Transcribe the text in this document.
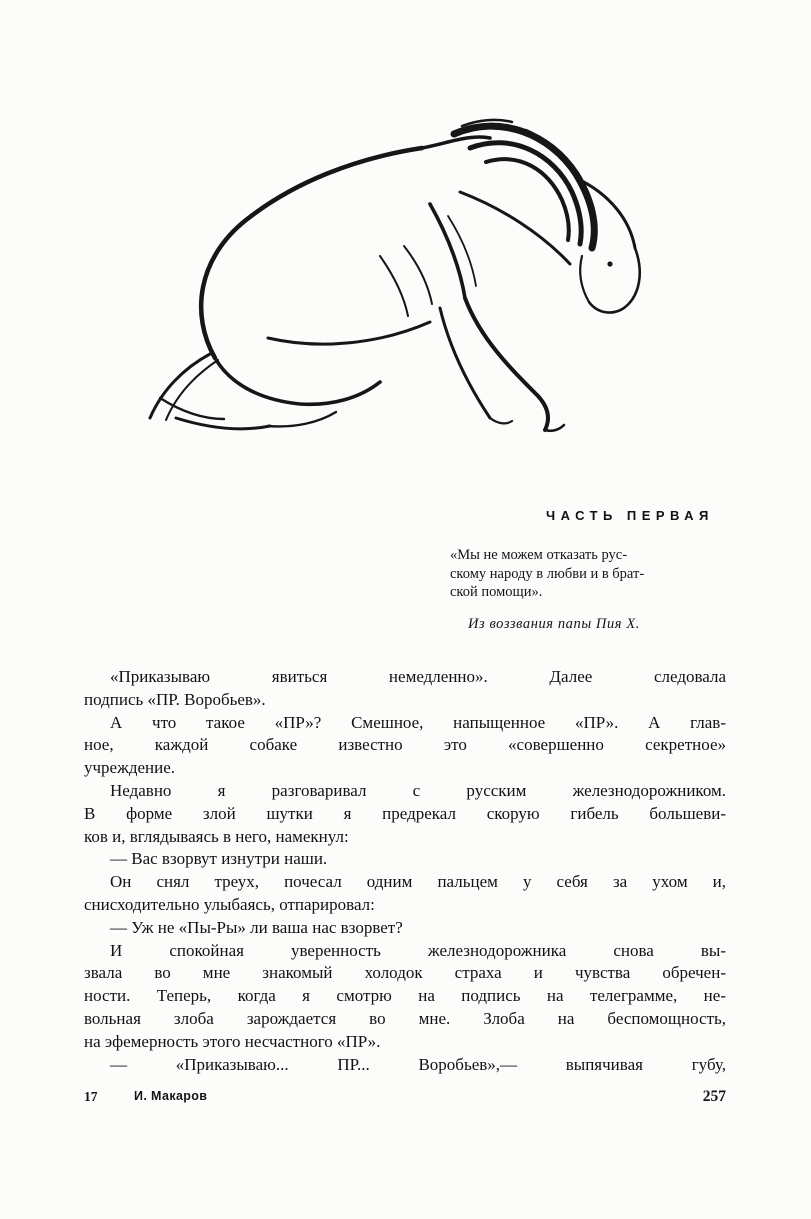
ЧАСТЬ ПЕРВАЯ
«Мы не можем отказать рус-
скому народу в любви и в брат-
ской помощи».
Из воззвания папы Пия X.
«Приказываю явиться немедленно». Далее следовала
подпись «ПР. Воробьев».
А что такое «ПР»? Смешное, напыщенное «ПР». А глав-
ное, каждой собаке известно это «совершенно секретное»
учреждение.
Недавно я разговаривал с русским железнодорожником.
В форме злой шутки я предрекал скорую гибель большеви-
ков и, вглядываясь в него, намекнул:
— Вас взорвут изнутри наши.
Он снял треух, почесал одним пальцем у себя за ухом и,
снисходительно улыбаясь, отпарировал:
— Уж не «Пы-Ры» ли ваша нас взорвет?
И спокойная уверенность железнодорожника снова вы-
звала во мне знакомый холодок страха и чувства обречен-
ности. Теперь, когда я смотрю на подпись на телеграмме, не-
вольная злоба зарождается во мне. Злоба на беспомощность,
на эфемерность этого несчастного «ПР».
— «Приказываю... ПР... Воробьев»,— выпячивая губу,
17	И. Макаров	257
